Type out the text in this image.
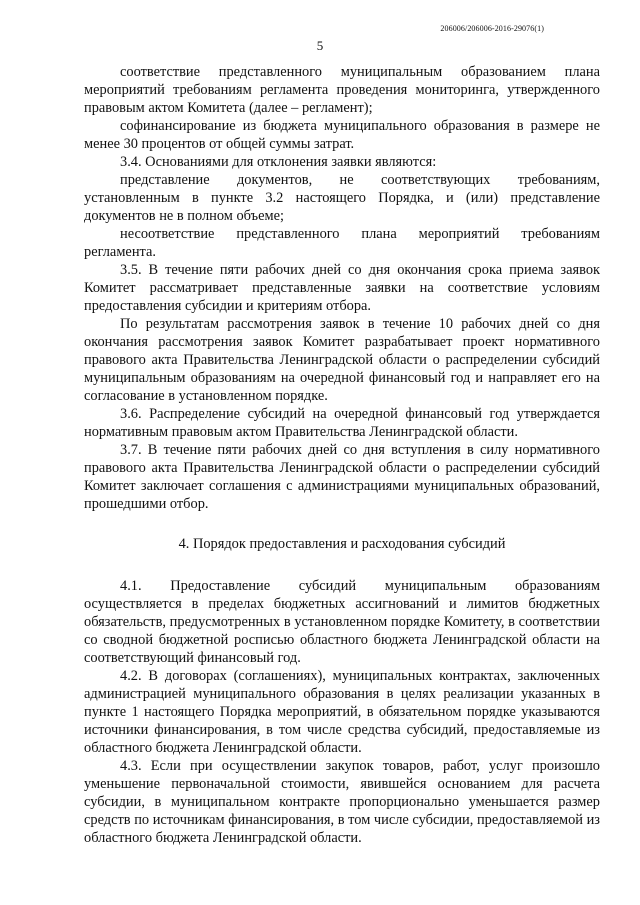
206006/206006-2016-29076(1)
5

соответствие представленного муниципальным образованием плана мероприятий требованиям регламента проведения мониторинга, утвержденного правовым актом Комитета (далее – регламент);

софинансирование из бюджета муниципального образования в размере не менее 30 процентов от общей суммы затрат.

3.4. Основаниями для отклонения заявки являются:

представление документов, не соответствующих требованиям, установленным в пункте 3.2 настоящего Порядка, и (или) представление документов не в полном объеме;

несоответствие представленного плана мероприятий требованиям регламента.

3.5. В течение пяти рабочих дней со дня окончания срока приема заявок Комитет рассматривает представленные заявки на соответствие условиям предоставления субсидии и критериям отбора.

По результатам рассмотрения заявок в течение 10 рабочих дней со дня окончания рассмотрения заявок Комитет разрабатывает проект нормативного правового акта Правительства Ленинградской области о распределении субсидий муниципальным образованиям на очередной финансовый год и направляет его на согласование в установленном порядке.

3.6. Распределение субсидий на очередной финансовый год утверждается нормативным правовым актом Правительства Ленинградской области.

3.7. В течение пяти рабочих дней со дня вступления в силу нормативного правового акта Правительства Ленинградской области о распределении субсидий Комитет заключает соглашения с администрациями муниципальных образований, прошедшими отбор.

4. Порядок предоставления и расходования субсидий

4.1. Предоставление субсидий муниципальным образованиям осуществляется в пределах бюджетных ассигнований и лимитов бюджетных обязательств, предусмотренных в установленном порядке Комитету, в соответствии со сводной бюджетной росписью областного бюджета Ленинградской области на соответствующий финансовый год.

4.2. В договорах (соглашениях), муниципальных контрактах, заключенных администрацией муниципального образования в целях реализации указанных в пункте 1 настоящего Порядка мероприятий, в обязательном порядке указываются источники финансирования, в том числе средства субсидий, предоставляемые из областного бюджета Ленинградской области.

4.3. Если при осуществлении закупок товаров, работ, услуг произошло уменьшение первоначальной стоимости, явившейся основанием для расчета субсидии, в муниципальном контракте пропорционально уменьшается размер средств по источникам финансирования, в том числе субсидии, предоставляемой из областного бюджета Ленинградской области.
